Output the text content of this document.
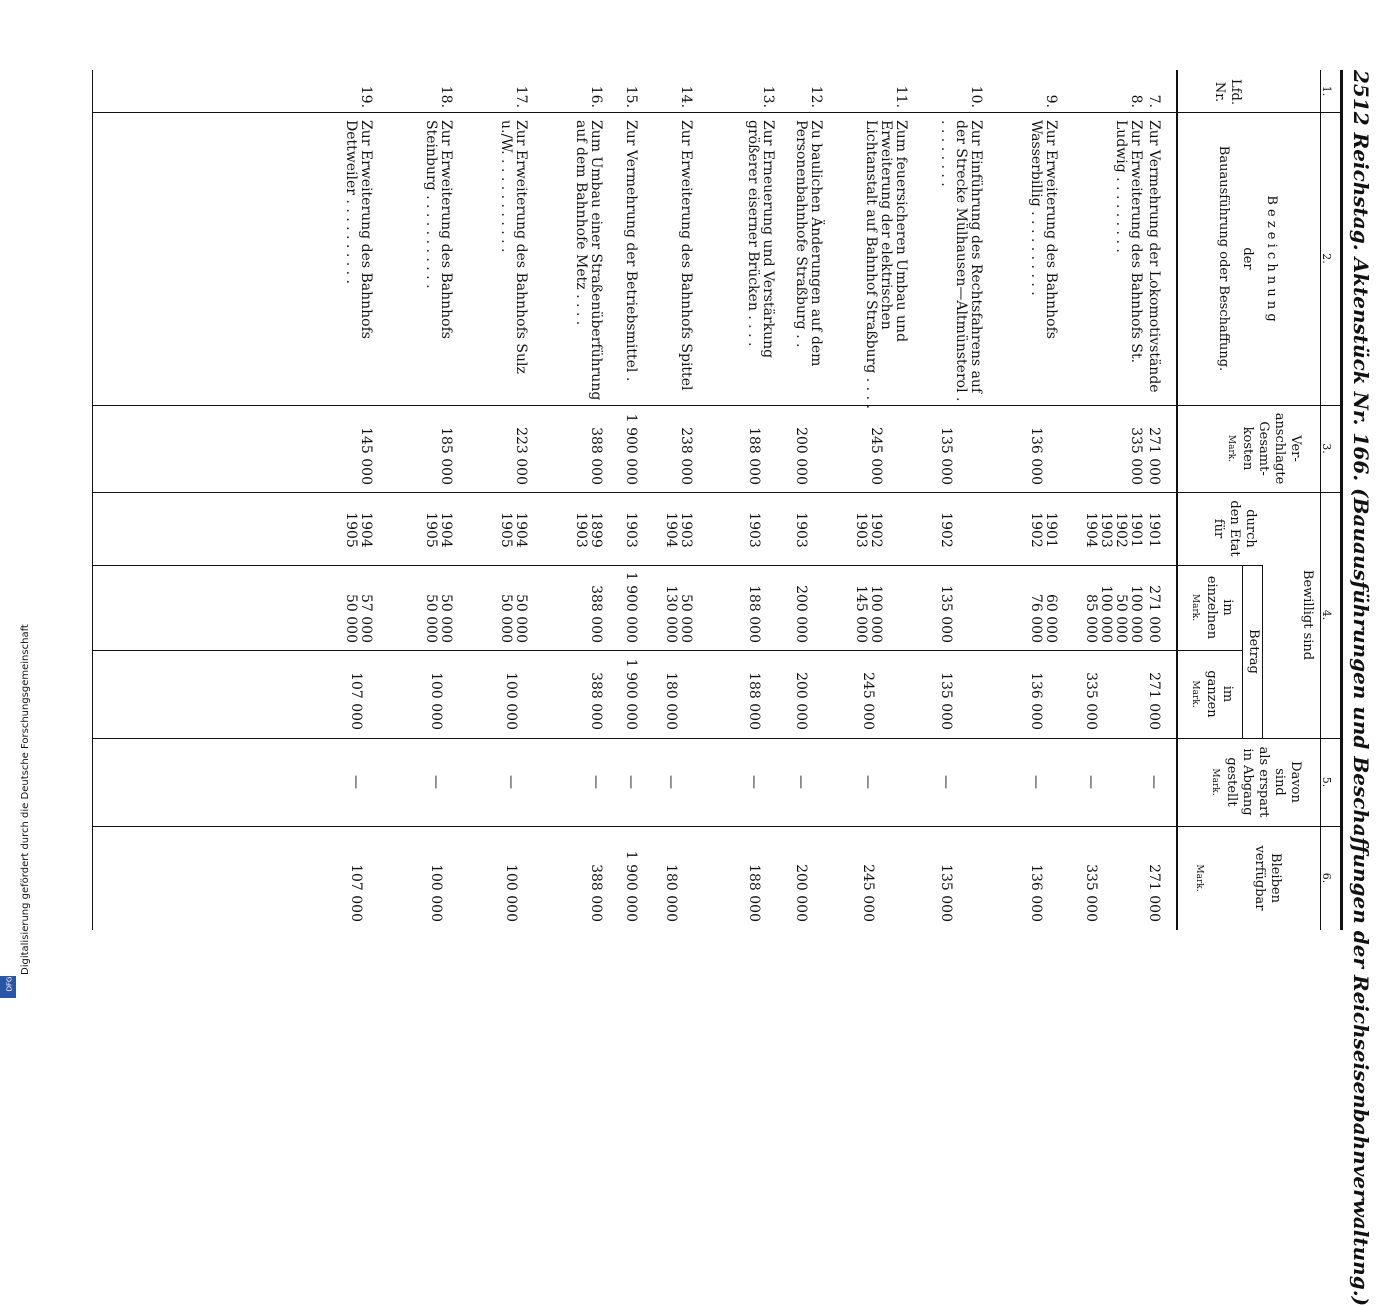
Digitalisierung gefördert durch die Deutsche Forschungsgemeinschaft
DFG	2512 Reichstag. Aktenstück Nr. 166. (Bauausführungen und Beschaffungen der Reichseisenbahnverwaltung.)
1.
2.
3.
4.
5.
6.
Lfd.
Nr.
B e z e i c h n u n g
der
Bauausführung oder Beschaffung.
Ver-
anschlagte
Gesamt-
kosten
Mark.
Bewilligt sind
durch
den Etat
für
Betrag
im
einzelnen
Mark.
im
ganzen
Mark.
Davon
sind
als erspart
in Abgang
gestellt
Mark.
Bleiben
verfügbar
Mark.
7.
Zur Vermehrung der Lokomotivstände
271 000
1901
271 000
271 000
—
271 000
8.
Zur Erweiterung des Bahnhofs St. Ludwig . . . . . . . . .
335 000
1901
1902
1903
1904
100 000
50 000
100 000
85 000
335 000
—
335 000
9.
Zur Erweiterung des Bahnhofs Wasserbillig . . . . . . . . . .
136 000
1901
1902
60 000
76 000
136 000
—
136 000
10.
Zur Einführung des Rechtsfahrens auf der Strecke Mülhausen—Altmünsterol . . . . . . . . .
135 000
1902
135 000
135 000
—
135 000
11.
Zum feuersicheren Umbau und Erweiterung der elektrischen Lichtanstalt auf Bahnhof Straßburg . . . .
245 000
1902
1903
100 000
145 000
245 000
—
245 000
12.
Zu baulichen Änderungen auf dem Personenbahnhofe Straßburg . .
200 000
1903
200 000
200 000
—
200 000
13.
Zur Erneuerung und Verstärkung größerer eiserner Brücken . . . .
188 000
1903
188 000
188 000
—
188 000
14.
Zur Erweiterung des Bahnhofs Spittel
238 000
1903
1904
50 000
130 000
180 000
—
180 000
15.
Zur Vermehrung der Betriebsmittel .
1 900 000
1903
1 900 000
1 900 000
—
1 900 000
16.
Zum Umbau einer Straßenüberführung auf dem Bahnhofe Metz . . . .
388 000
1899
1903
388 000
388 000
—
388 000
17.
Zur Erweiterung des Bahnhofs Sulz u./W. . . . . . . . . . . .
223 000
1904
1905
50 000
50 000
100 000
—
100 000
18.
Zur Erweiterung des Bahnhofs Steinburg . . . . . . . . . . .
185 000
1904
1905
50 000
50 000
100 000
—
100 000
19.
Zur Erweiterung des Bahnhofs Dettweiler . . . . . . . . . .
145 000
1904
1905
57 000
50 000
107 000
—
107 000
